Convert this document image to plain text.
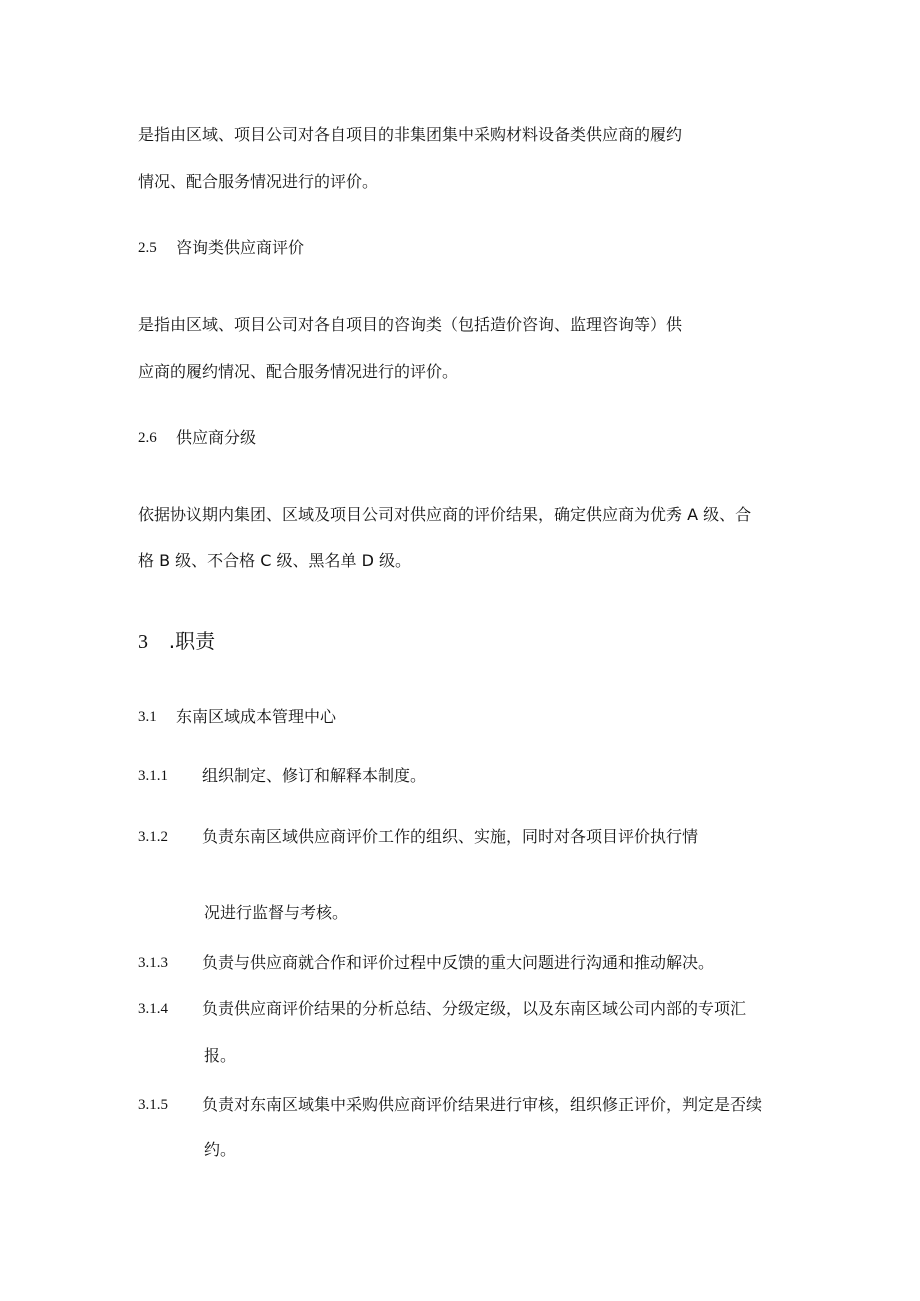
是指由区域、项目公司对各自项目的非集团集中采购材料设备类供应商的履约
情况、配合服务情况进行的评价。
2.5 咨询类供应商评价
是指由区域、项目公司对各自项目的咨询类（包括造价咨询、监理咨询等）供
应商的履约情况、配合服务情况进行的评价。
2.6 供应商分级
依据协议期内集团、区域及项目公司对供应商的评价结果，确定供应商为优秀 A 级、合
格 B 级、不合格 C 级、黑名单 D 级。
3 .职责
3.1 东南区域成本管理中心
3.1.1 组织制定、修订和解释本制度。
3.1.2 负责东南区域供应商评价工作的组织、实施，同时对各项目评价执行情
况进行监督与考核。
3.1.3 负责与供应商就合作和评价过程中反馈的重大问题进行沟通和推动解决。
3.1.4 负责供应商评价结果的分析总结、分级定级，以及东南区域公司内部的专项汇
报。
3.1.5 负责对东南区域集中采购供应商评价结果进行审核，组织修正评价，判定是否续
约。
